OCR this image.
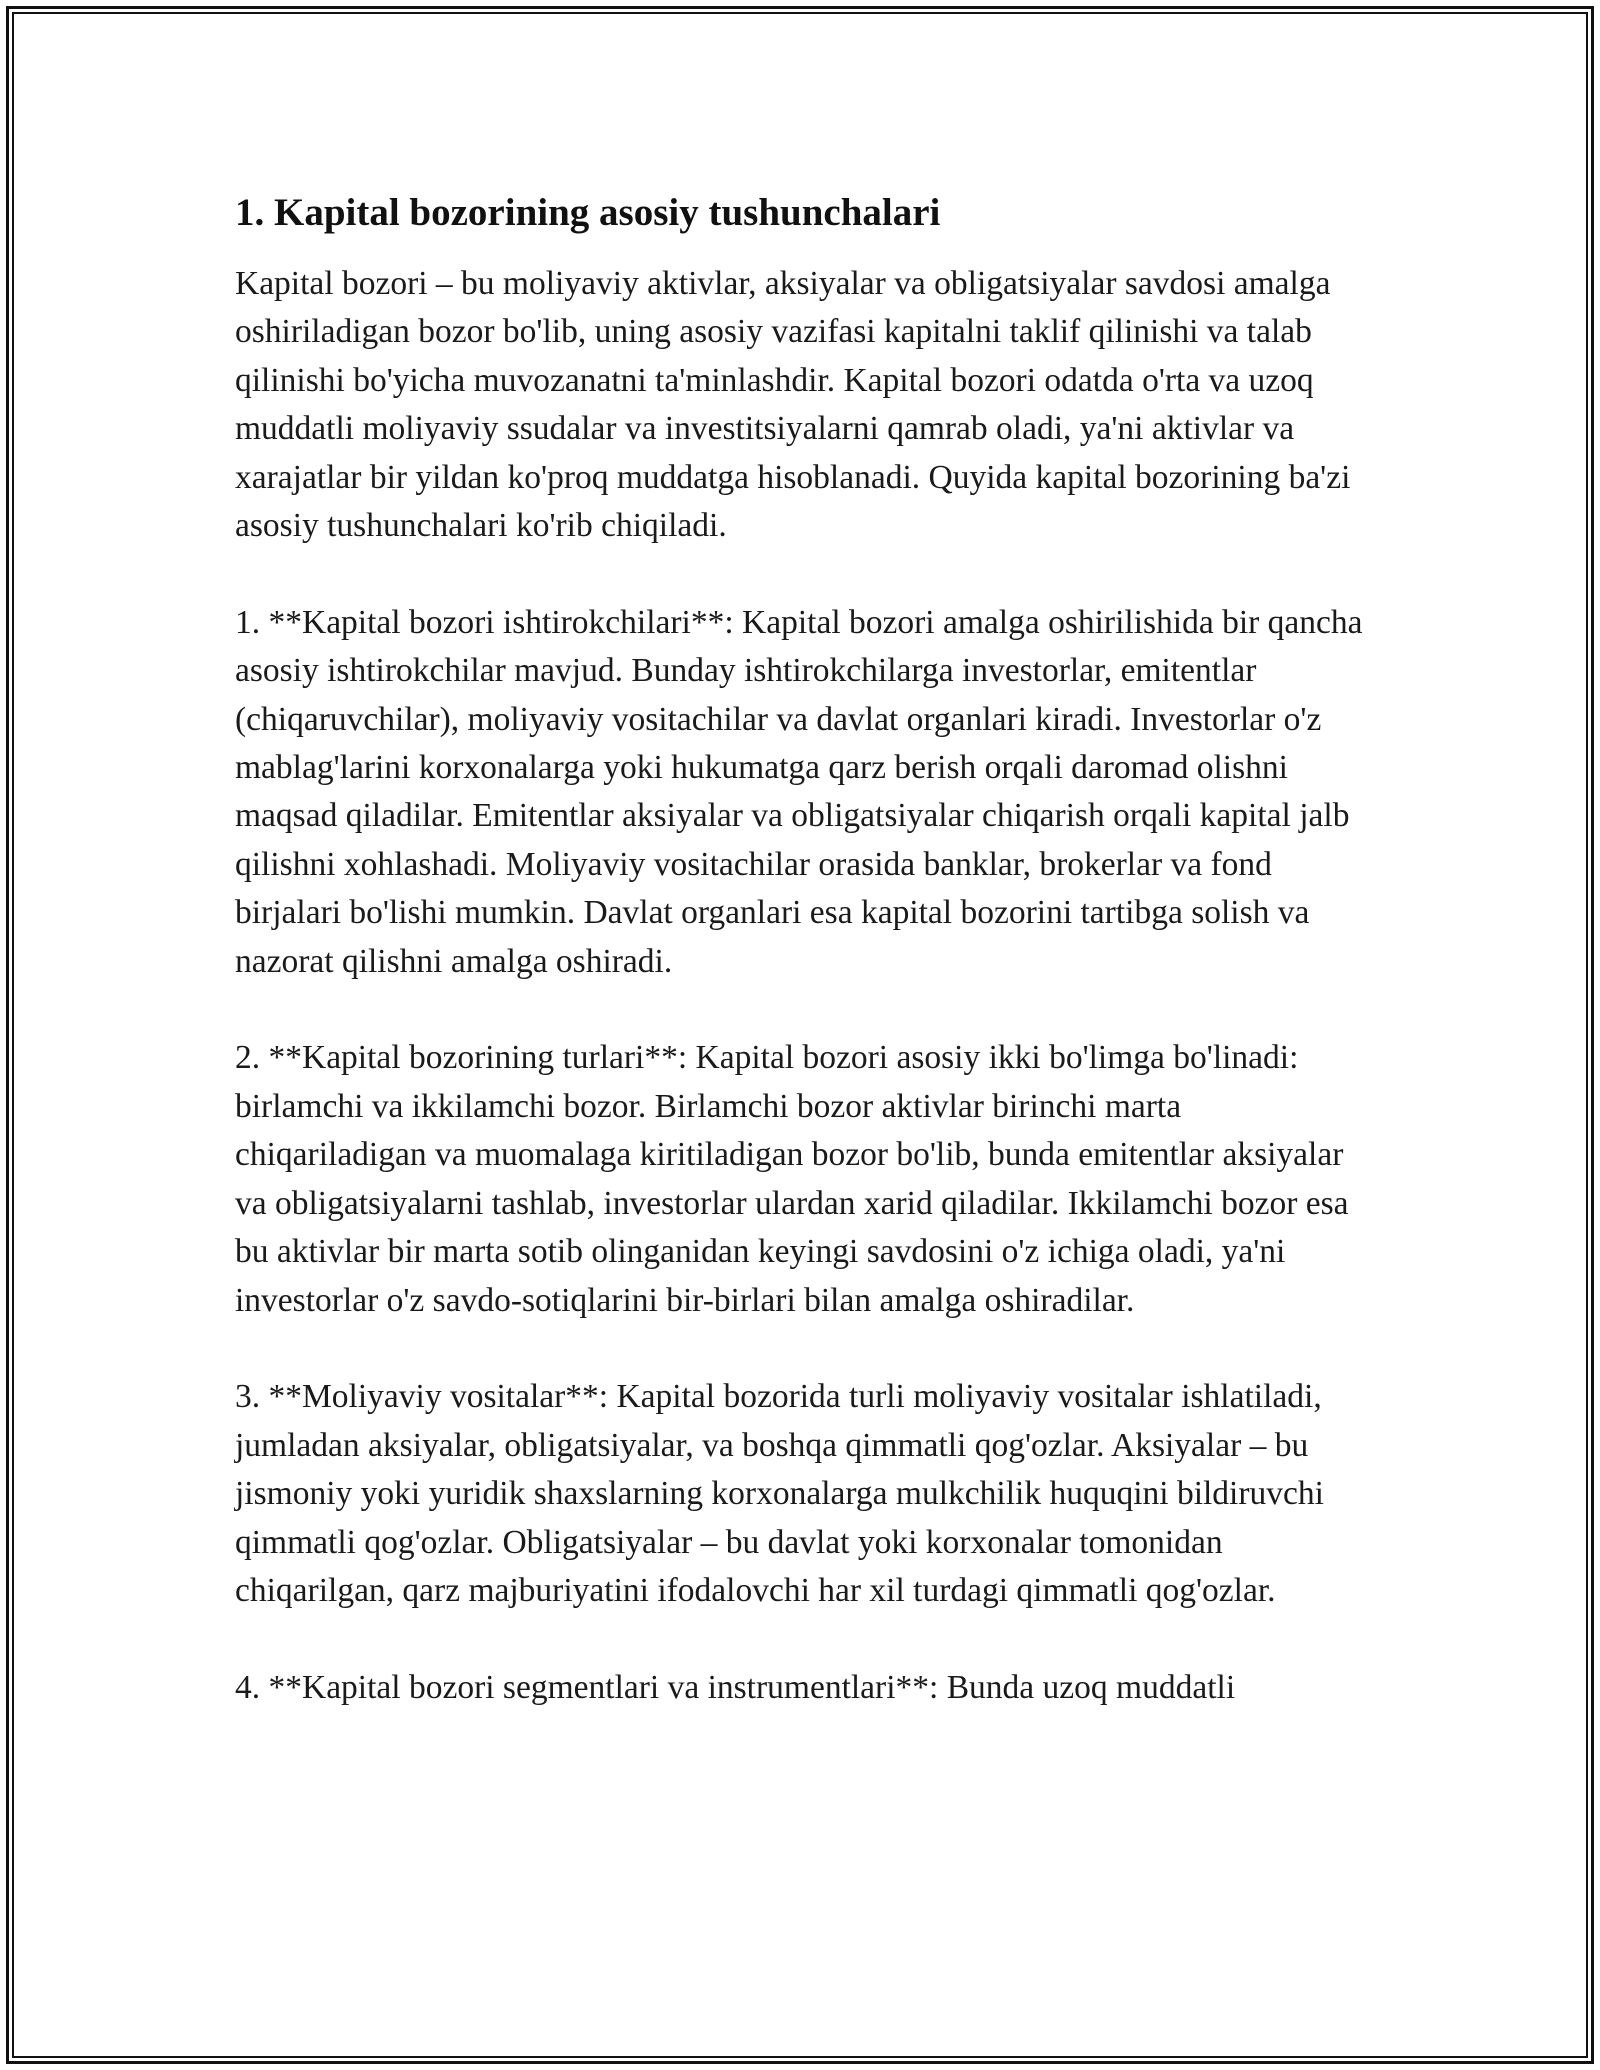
1. Kapital bozorining asosiy tushunchalari

Kapital bozori – bu moliyaviy aktivlar, aksiyalar va obligatsiyalar savdosi amalga oshiriladigan bozor bo'lib, uning asosiy vazifasi kapitalni taklif qilinishi va talab qilinishi bo'yicha muvozanatni ta'minlashdir. Kapital bozori odatda o'rta va uzoq muddatli moliyaviy ssudalar va investitsiyalarni qamrab oladi, ya'ni aktivlar va xarajatlar bir yildan ko'proq muddatga hisoblanadi. Quyida kapital bozorining ba'zi asosiy tushunchalari ko'rib chiqiladi.

1. **Kapital bozori ishtirokchilari**: Kapital bozori amalga oshirilishida bir qancha asosiy ishtirokchilar mavjud. Bunday ishtirokchilarga investorlar, emitentlar (chiqaruvchilar), moliyaviy vositachilar va davlat organlari kiradi. Investorlar o'z mablag'larini korxonalarga yoki hukumatga qarz berish orqali daromad olishni maqsad qiladilar. Emitentlar aksiyalar va obligatsiyalar chiqarish orqali kapital jalb qilishni xohlashadi. Moliyaviy vositachilar orasida banklar, brokerlar va fond birjalari bo'lishi mumkin. Davlat organlari esa kapital bozorini tartibga solish va nazorat qilishni amalga oshiradi.

2. **Kapital bozorining turlari**: Kapital bozori asosiy ikki bo'limga bo'linadi: birlamchi va ikkilamchi bozor. Birlamchi bozor aktivlar birinchi marta chiqariladigan va muomalaga kiritiladigan bozor bo'lib, bunda emitentlar aksiyalar va obligatsiyalarni tashlab, investorlar ulardan xarid qiladilar. Ikkilamchi bozor esa bu aktivlar bir marta sotib olinganidan keyingi savdosini o'z ichiga oladi, ya'ni investorlar o'z savdo-sotiqlarini bir-birlari bilan amalga oshiradilar.

3. **Moliyaviy vositalar**: Kapital bozorida turli moliyaviy vositalar ishlatiladi, jumladan aksiyalar, obligatsiyalar, va boshqa qimmatli qog'ozlar. Aksiyalar – bu jismoniy yoki yuridik shaxslarning korxonalarga mulkchilik huquqini bildiruvchi qimmatli qog'ozlar. Obligatsiyalar – bu davlat yoki korxonalar tomonidan chiqarilgan, qarz majburiyatini ifodalovchi har xil turdagi qimmatli qog'ozlar.

4. **Kapital bozori segmentlari va instrumentlari**: Bunda uzoq muddatli
